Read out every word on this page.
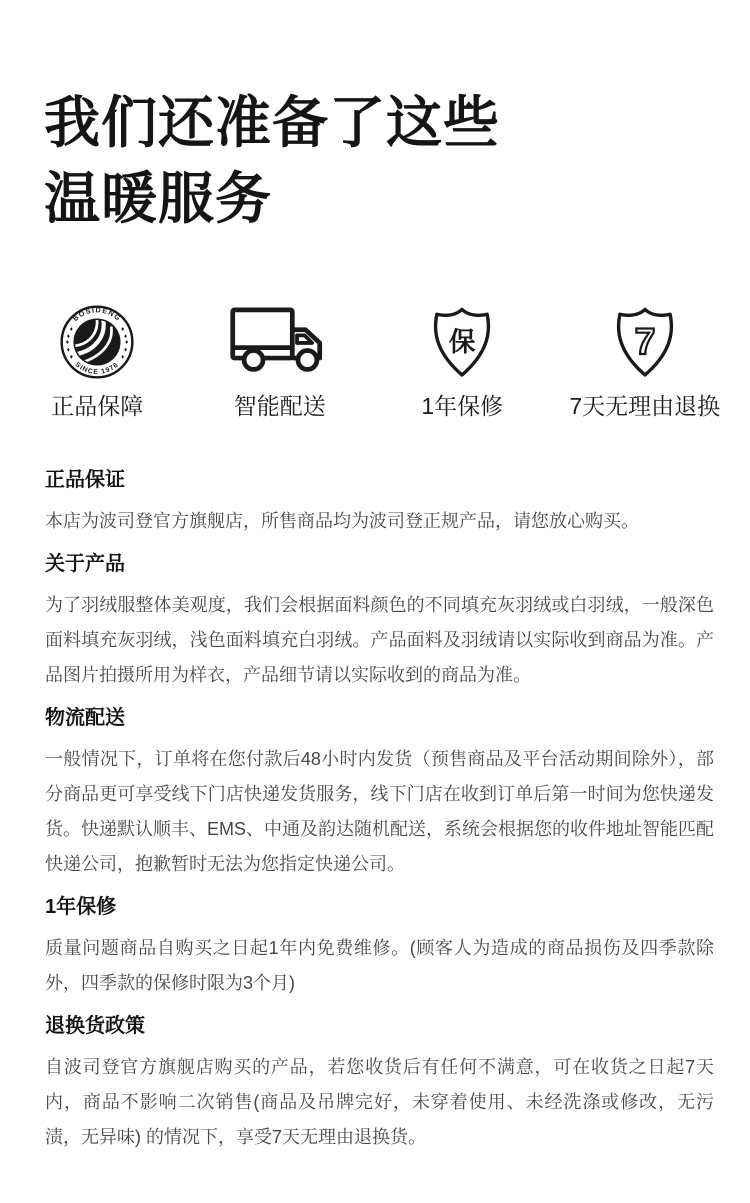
我们还准备了这些
温暖服务
BOSIDENG
SINCE 1976
正品保障	智能配送
保
1年保修
7
7天无理由退换
正品保证

本店为波司登官方旗舰店，所售商品均为波司登正规产品，请您放心购买。

关于产品

为了羽绒服整体美观度，我们会根据面料颜色的不同填充灰羽绒或白羽绒，一般深色面料填充灰羽绒，浅色面料填充白羽绒。产品面料及羽绒请以实际收到商品为准。产品图片拍摄所用为样衣，产品细节请以实际收到的商品为准。

物流配送

一般情况下，订单将在您付款后48小时内发货（预售商品及平台活动期间除外），部分商品更可享受线下门店快递发货服务，线下门店在收到订单后第一时间为您快递发货。快递默认顺丰、EMS、中通及韵达随机配送，系统会根据您的收件地址智能匹配快递公司，抱歉暂时无法为您指定快递公司。

1年保修

质量问题商品自购买之日起1年内免费维修。(顾客人为造成的商品损伤及四季款除外，四季款的保修时限为3个月)

退换货政策

自波司登官方旗舰店购买的产品，若您收货后有任何不满意，可在收货之日起7天内，商品不影响二次销售(商品及吊牌完好，未穿着使用、未经洗涤或修改，无污渍，无异味) 的情况下，享受7天无理由退换货。
